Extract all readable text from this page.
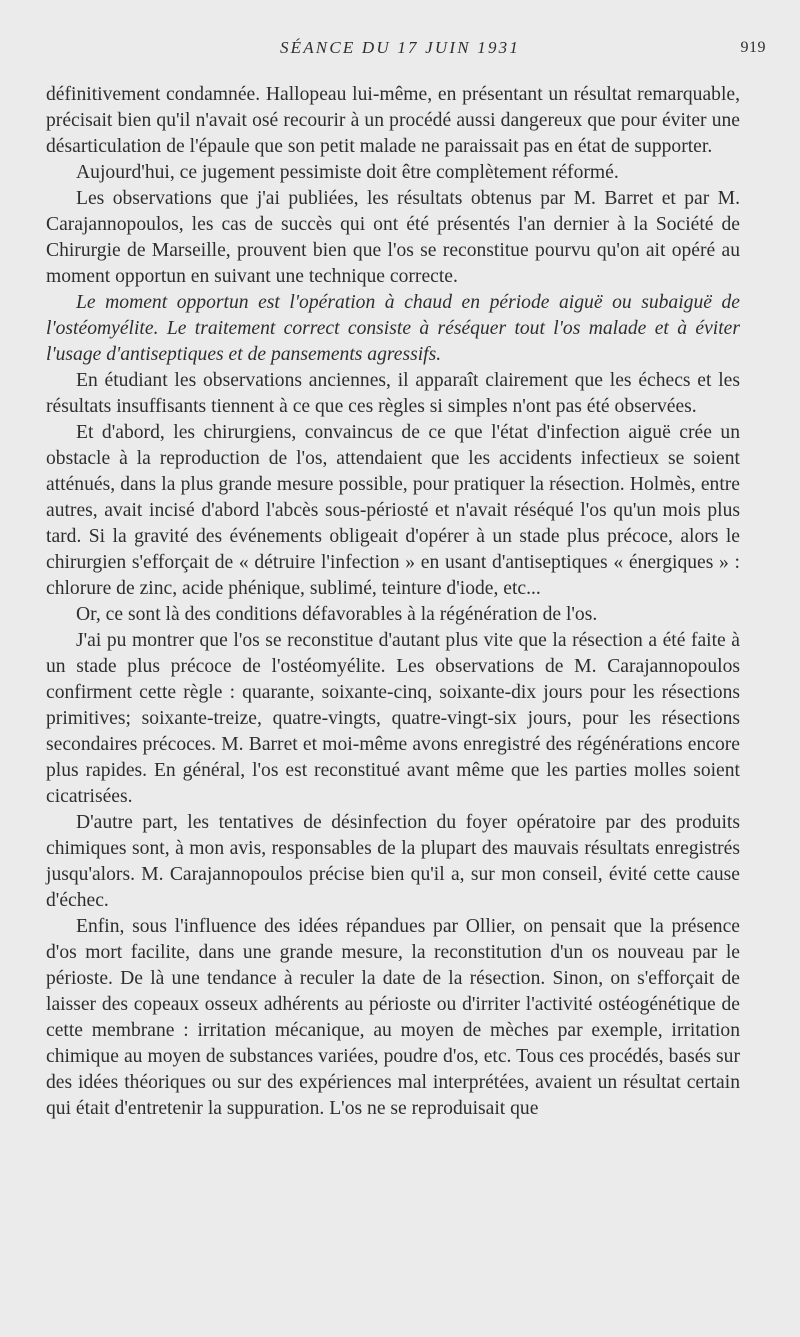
SÉANCE DU 17 JUIN 1931	919

définitivement condamnée. Hallopeau lui-même, en présentant un résultat remarquable, précisait bien qu'il n'avait osé recourir à un procédé aussi dangereux que pour éviter une désarticulation de l'épaule que son petit malade ne paraissait pas en état de supporter.

Aujourd'hui, ce jugement pessimiste doit être complètement réformé.

Les observations que j'ai publiées, les résultats obtenus par M. Barret et par M. Carajannopoulos, les cas de succès qui ont été présentés l'an dernier à la Société de Chirurgie de Marseille, prouvent bien que l'os se reconstitue pourvu qu'on ait opéré au moment opportun en suivant une technique correcte.

Le moment opportun est l'opération à chaud en période aiguë ou subaiguë de l'ostéomyélite. Le traitement correct consiste à réséquer tout l'os malade et à éviter l'usage d'antiseptiques et de pansements agressifs.

En étudiant les observations anciennes, il apparaît clairement que les échecs et les résultats insuffisants tiennent à ce que ces règles si simples n'ont pas été observées.

Et d'abord, les chirurgiens, convaincus de ce que l'état d'infection aiguë crée un obstacle à la reproduction de l'os, attendaient que les accidents infectieux se soient atténués, dans la plus grande mesure possible, pour pratiquer la résection. Holmès, entre autres, avait incisé d'abord l'abcès sous-périosté et n'avait réséqué l'os qu'un mois plus tard. Si la gravité des événements obligeait d'opérer à un stade plus précoce, alors le chirurgien s'efforçait de « détruire l'infection » en usant d'antiseptiques « énergiques » : chlorure de zinc, acide phénique, sublimé, teinture d'iode, etc...

Or, ce sont là des conditions défavorables à la régénération de l'os.

J'ai pu montrer que l'os se reconstitue d'autant plus vite que la résection a été faite à un stade plus précoce de l'ostéomyélite. Les observations de M. Carajannopoulos confirment cette règle : quarante, soixante-cinq, soixante-dix jours pour les résections primitives; soixante-treize, quatre-vingts, quatre-vingt-six jours, pour les résections secondaires précoces. M. Barret et moi-même avons enregistré des régénérations encore plus rapides. En général, l'os est reconstitué avant même que les parties molles soient cicatrisées.

D'autre part, les tentatives de désinfection du foyer opératoire par des produits chimiques sont, à mon avis, responsables de la plupart des mauvais résultats enregistrés jusqu'alors. M. Carajannopoulos précise bien qu'il a, sur mon conseil, évité cette cause d'échec.

Enfin, sous l'influence des idées répandues par Ollier, on pensait que la présence d'os mort facilite, dans une grande mesure, la reconstitution d'un os nouveau par le périoste. De là une tendance à reculer la date de la résection. Sinon, on s'efforçait de laisser des copeaux osseux adhérents au périoste ou d'irriter l'activité ostéogénétique de cette membrane : irritation mécanique, au moyen de mèches par exemple, irritation chimique au moyen de substances variées, poudre d'os, etc. Tous ces procédés, basés sur des idées théoriques ou sur des expériences mal interprétées, avaient un résultat certain qui était d'entretenir la suppuration. L'os ne se reproduisait que
